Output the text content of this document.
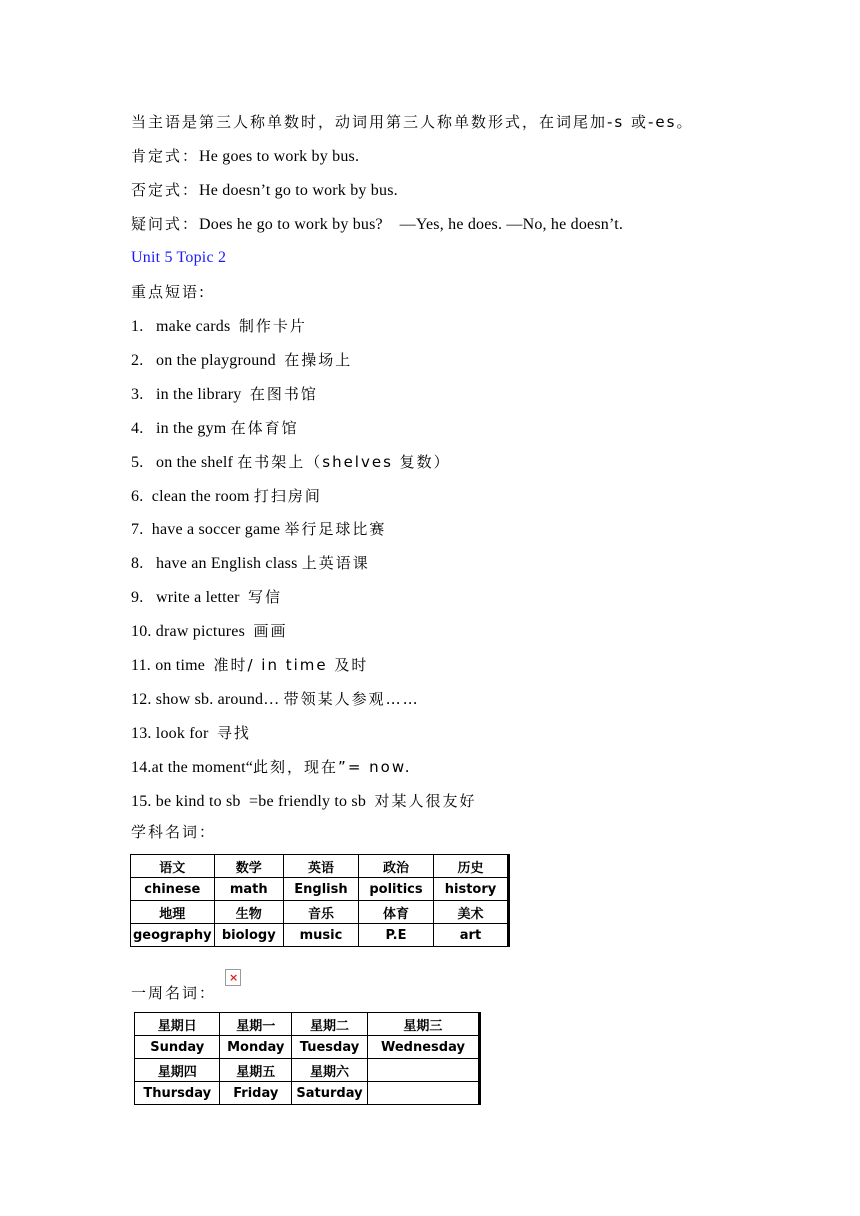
当主语是第三人称单数时，动词用第三人称单数形式，在词尾加-s 或-es。
肯定式：He goes to work by bus.
否定式：He doesn’t go to work by bus.
疑问式：Does he go to work by bus?    —Yes, he does. —No, he doesn’t.
Unit 5 Topic 2
重点短语:
1.   make cards  制作卡片
2.   on the playground  在操场上
3.   in the library  在图书馆
4.   in the gym 在体育馆
5.   on the shelf 在书架上（shelves 复数）
6.  clean the room 打扫房间
7.  have a soccer game 举行足球比赛
8.   have an English class 上英语课
9.   write a letter  写信
10. draw pictures  画画
11. on time  准时/ in time 及时
12. show sb. around… 带领某人参观……
13. look for  寻找
14.at the moment“此刻，现在”= now.
15. be kind to sb  =be friendly to sb  对某人很友好
学科名词：
语文	数学	英语	政治	历史
chinese	math	English	politics	history
地理	生物	音乐	体育	美术
geography	biology	music	P.E	art
一周名词：
×
星期日	星期一	星期二	星期三
Sunday	Monday	Tuesday	Wednesday
星期四	星期五	星期六	
Thursday	Friday	Saturday	
